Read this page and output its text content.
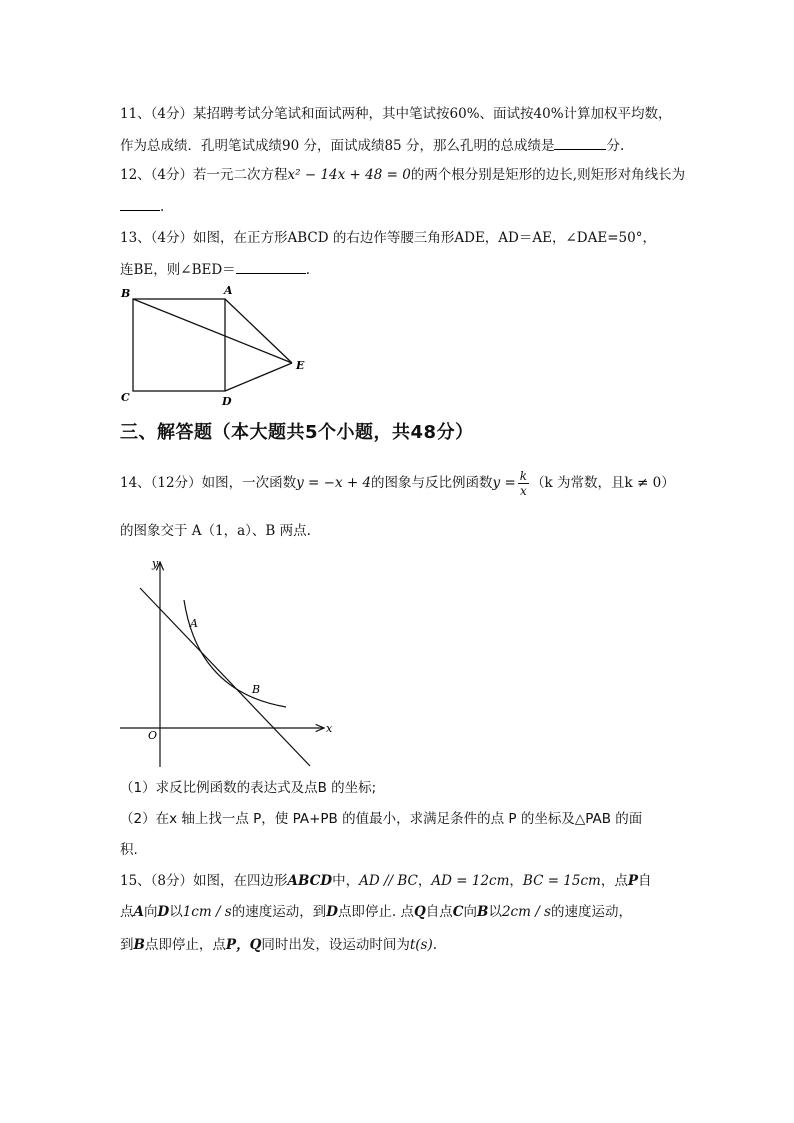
11、（4分）某招聘考试分笔试和面试两种，其中笔试按60%、面试按40%计算加权平均数，
作为总成绩．孔明笔试成绩90 分，面试成绩85 分，那么孔明的总成绩是	分.
12、（4分）若一元二次方程x² − 14x + 48 = 0的两个根分别是矩形的边长,则矩形对角线长为
.
13、（4分）如图，在正方形ABCD 的右边作等腰三角形ADE，AD＝AE，∠DAE=50°，
连BE，则∠BED＝	.
B	A
C	D
E
三、解答题（本大题共5个小题，共48分）
14、（12分）如图，一次函数y = −x + 4的图象与反比例函数$y = \frac{k}{x} (k$ 为常数，且k ≠ 0）
的图象交于 A（1，a）、B 两点.
y
x
O
A
B
（1）求反比例函数的表达式及点B 的坐标;
（2）在x 轴上找一点 P，使 PA+PB 的值最小，求满足条件的点 P 的坐标及△PAB 的面
积.
15、（8分）如图，在四边形ABCD中，AD // BC，AD = 12cm，BC = 15cm，点P自
点A向D以1cm / s的速度运动，到D点即停止. 点Q自点C向B以2cm / s的速度运动，
到B点即停止，点P，Q同时出发，设运动时间为t(s).
